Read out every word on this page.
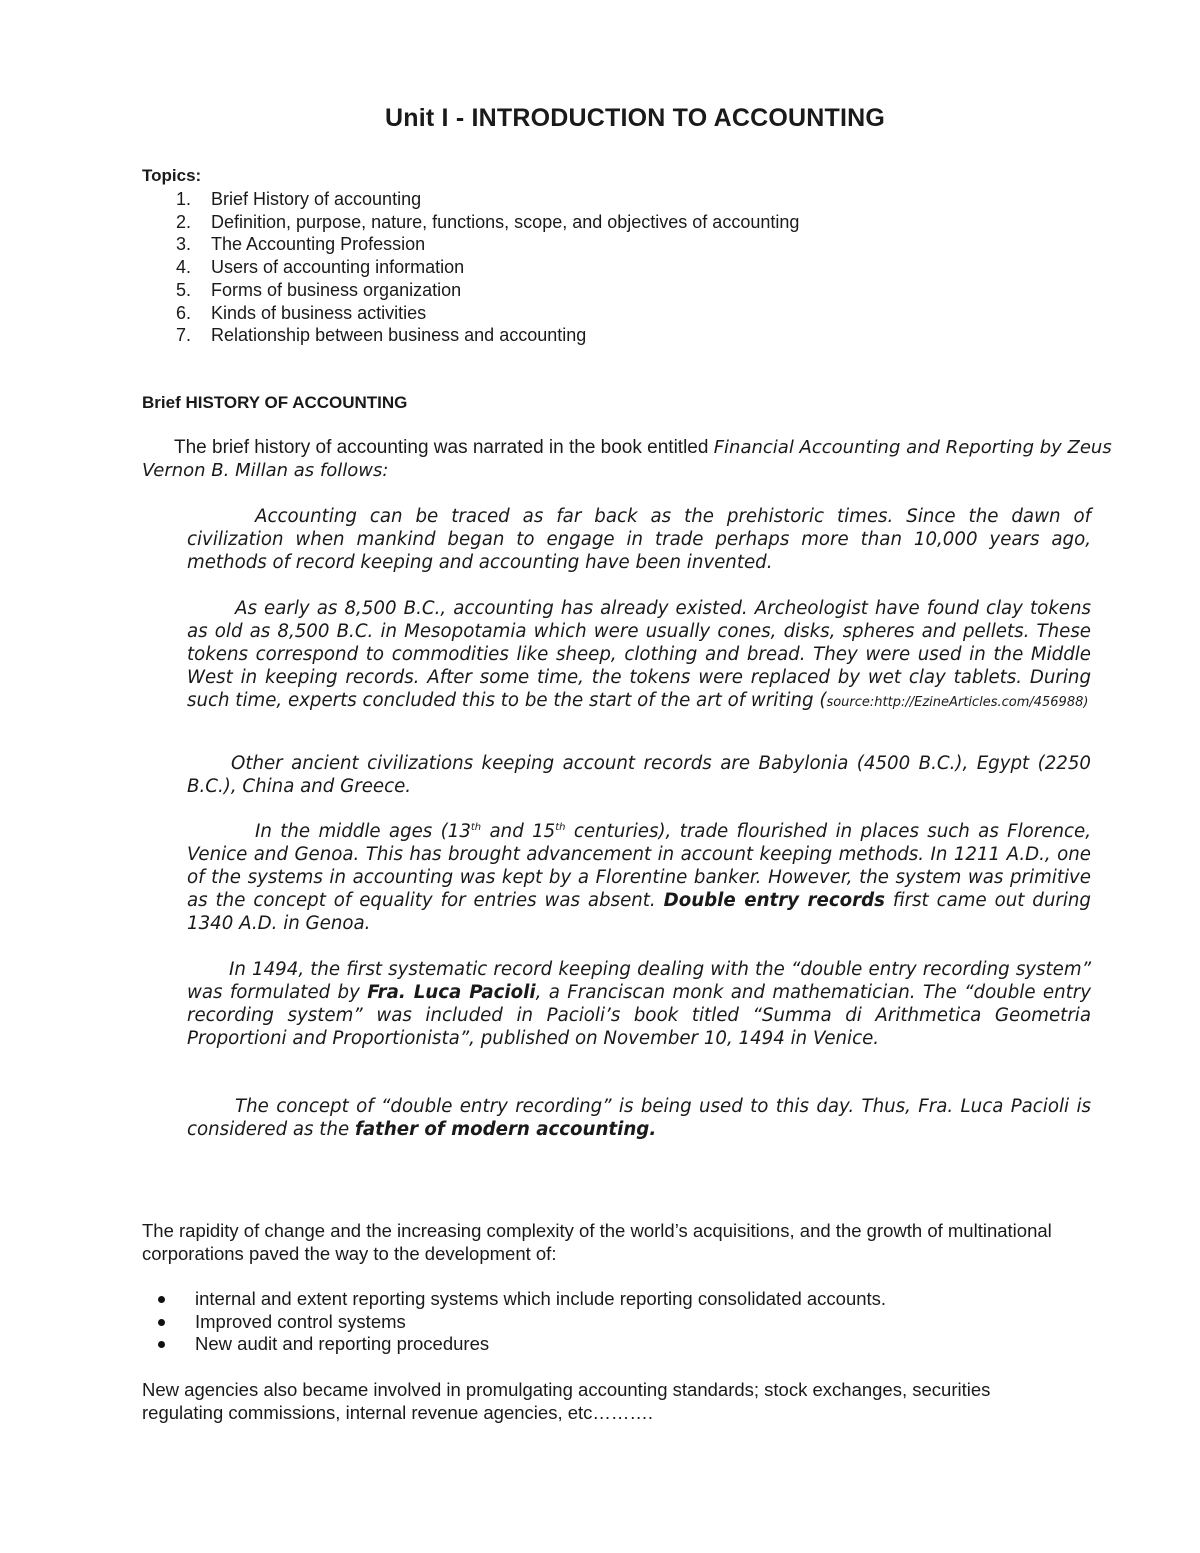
Unit I - INTRODUCTION TO ACCOUNTING
Topics:
1. Brief History of accounting
2. Definition, purpose, nature, functions, scope, and objectives of accounting
3. The Accounting Profession
4. Users of accounting information
5. Forms of business organization
6. Kinds of business activities
7. Relationship between business and accounting
Brief HISTORY OF ACCOUNTING
The brief history of accounting was narrated in the book entitled Financial Accounting and Reporting by Zeus Vernon B. Millan as follows:
Accounting can be traced as far back as the prehistoric times. Since the dawn of civilization when mankind began to engage in trade perhaps more than 10,000 years ago, methods of record keeping and accounting have been invented.
As early as 8,500 B.C., accounting has already existed. Archeologist have found clay tokens as old as 8,500 B.C. in Mesopotamia which were usually cones, disks, spheres and pellets. These tokens correspond to commodities like sheep, clothing and bread. They were used in the Middle West in keeping records. After some time, the tokens were replaced by wet clay tablets. During such time, experts concluded this to be the start of the art of writing (source:http://EzineArticles.com/456988)
Other ancient civilizations keeping account records are Babylonia (4500 B.C.), Egypt (2250 B.C.), China and Greece.
In the middle ages (13th and 15th centuries), trade flourished in places such as Florence, Venice and Genoa. This has brought advancement in account keeping methods. In 1211 A.D., one of the systems in accounting was kept by a Florentine banker. However, the system was primitive as the concept of equality for entries was absent. Double entry records first came out during 1340 A.D. in Genoa.
In 1494, the first systematic record keeping dealing with the “double entry recording system” was formulated by Fra. Luca Pacioli, a Franciscan monk and mathematician. The “double entry recording system” was included in Pacioli’s book titled “Summa di Arithmetica Geometria Proportioni and Proportionista”, published on November 10, 1494 in Venice.
The concept of “double entry recording” is being used to this day. Thus, Fra. Luca Pacioli is considered as the father of modern accounting.
The rapidity of change and the increasing complexity of the world’s acquisitions, and the growth of multinational corporations paved the way to the development of:
internal and extent reporting systems which include reporting consolidated accounts.
Improved control systems
New audit and reporting procedures
New agencies also became involved in promulgating accounting standards; stock exchanges, securities regulating commissions, internal revenue agencies, etc……….
